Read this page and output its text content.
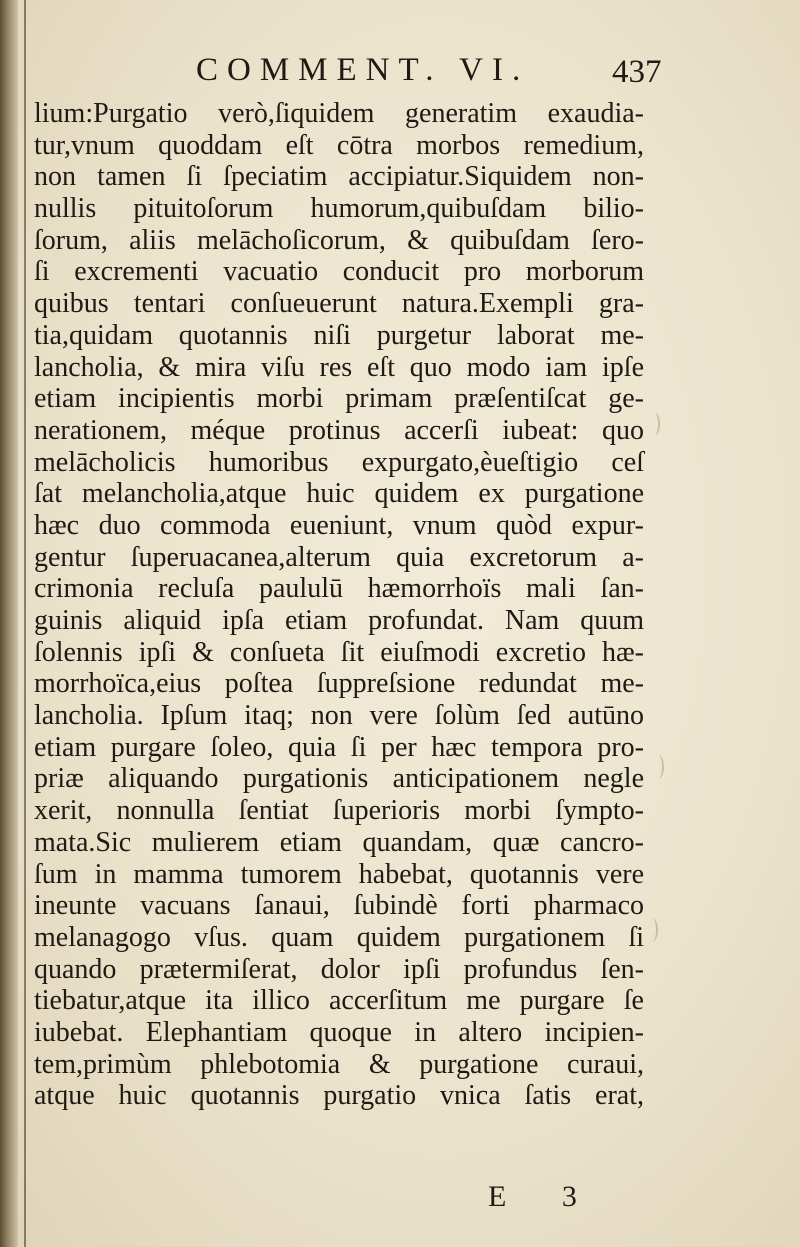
COMMENT. VI.	437
lium:Purgatio verò,ſiquidem generatim exaudia-
tur,vnum quoddam eſt cōtra morbos remedium,
non tamen ſi ſpeciatim accipiatur.Siquidem non-
nullis pituitoſorum humorum,quibuſdam bilio-
ſorum, aliis melāchoſicorum, & quibuſdam ſero-
ſi excrementi vacuatio conducit pro morborum
quibus tentari conſueuerunt natura.Exempli gra-
tia,quidam quotannis niſi purgetur laborat me-
lancholia, & mira viſu res eſt quo modo iam ipſe
etiam incipientis morbi primam præſentiſcat ge-
nerationem, méque protinus accerſi iubeat: quo
melācholicis humoribus expurgato,èueſtigio ceſ
ſat melancholia,atque huic quidem ex purgatione
hæc duo commoda eueniunt, vnum quòd expur-
gentur ſuperuacanea,alterum quia excretorum a-
crimonia recluſa paululū hæmorrhoïs mali ſan-
guinis aliquid ipſa etiam profundat. Nam quum
ſolennis ipſi & conſueta ſit eiuſmodi excretio hæ-
morrhoïca,eius poſtea ſuppreſsione redundat me-
lancholia. Ipſum itaq; non vere ſolùm ſed autūno
etiam purgare ſoleo, quia ſi per hæc tempora pro-
priæ aliquando purgationis anticipationem negle
xerit, nonnulla ſentiat ſuperioris morbi ſympto-
mata.Sic mulierem etiam quandam, quæ cancro-
ſum in mamma tumorem habebat, quotannis vere
ineunte vacuans ſanaui, ſubindè forti pharmaco
melanagogo vſus. quam quidem purgationem ſi
quando prætermiſerat, dolor ipſi profundus ſen-
tiebatur,atque ita illico accerſitum me purgare ſe
iubebat. Elephantiam quoque in altero incipien-
tem,primùm phlebotomia & purgatione curaui,
atque huic quotannis purgatio vnica ſatis erat,
E 3
